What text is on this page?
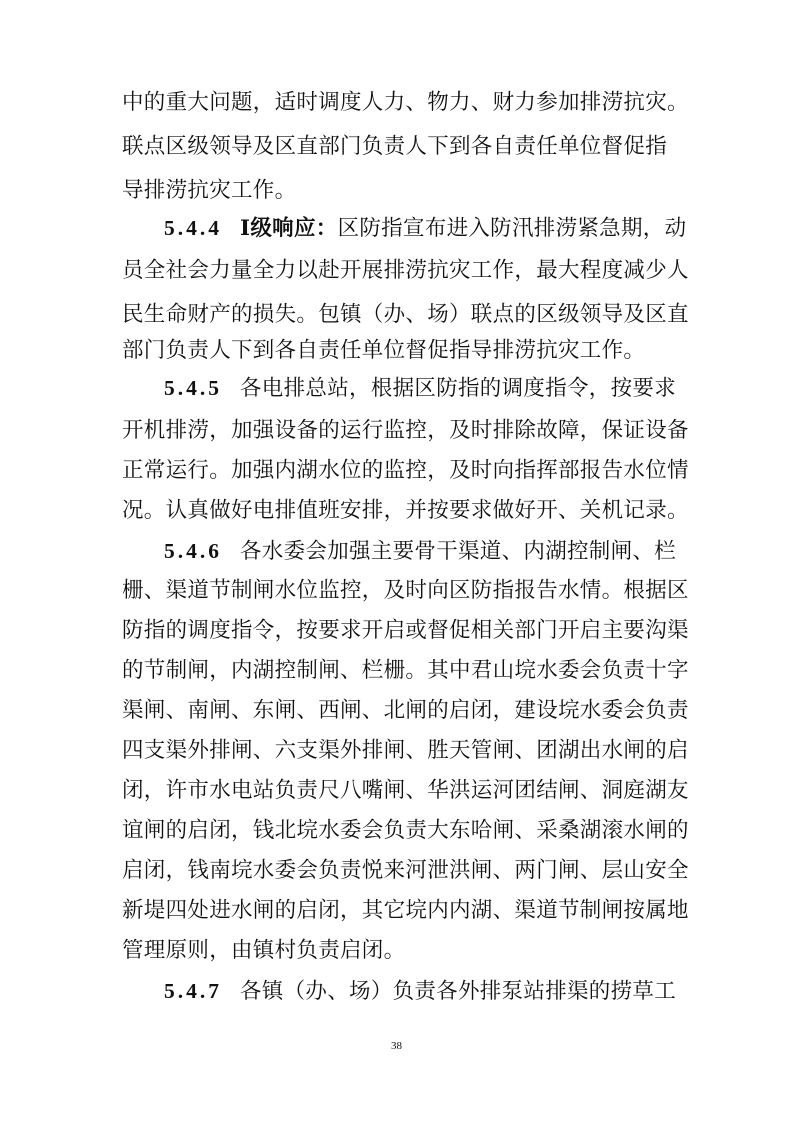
中的重大问题，适时调度人力、物力、财力参加排涝抗灾。
联点区级领导及区直部门负责人下到各自责任单位督促指
导排涝抗灾工作。
5.4.4 I级响应：区防指宣布进入防汛排涝紧急期，动
员全社会力量全力以赴开展排涝抗灾工作，最大程度减少人
民生命财产的损失。包镇（办、场）联点的区级领导及区直
部门负责人下到各自责任单位督促指导排涝抗灾工作。
5.4.5 各电排总站，根据区防指的调度指令，按要求
开机排涝，加强设备的运行监控，及时排除故障，保证设备
正常运行。加强内湖水位的监控，及时向指挥部报告水位情
况。认真做好电排值班安排，并按要求做好开、关机记录。
5.4.6 各水委会加强主要骨干渠道、内湖控制闸、栏
栅、渠道节制闸水位监控，及时向区防指报告水情。根据区
防指的调度指令，按要求开启或督促相关部门开启主要沟渠
的节制闸，内湖控制闸、栏栅。其中君山垸水委会负责十字
渠闸、南闸、东闸、西闸、北闸的启闭，建设垸水委会负责
四支渠外排闸、六支渠外排闸、胜天管闸、团湖出水闸的启
闭，许市水电站负责尺八嘴闸、华洪运河团结闸、洞庭湖友
谊闸的启闭，钱北垸水委会负责大东哈闸、采桑湖滚水闸的
启闭，钱南垸水委会负责悦来河泄洪闸、两门闸、层山安全
新堤四处进水闸的启闭，其它垸内内湖、渠道节制闸按属地
管理原则，由镇村负责启闭。
5.4.7 各镇（办、场）负责各外排泵站排渠的捞草工
38
